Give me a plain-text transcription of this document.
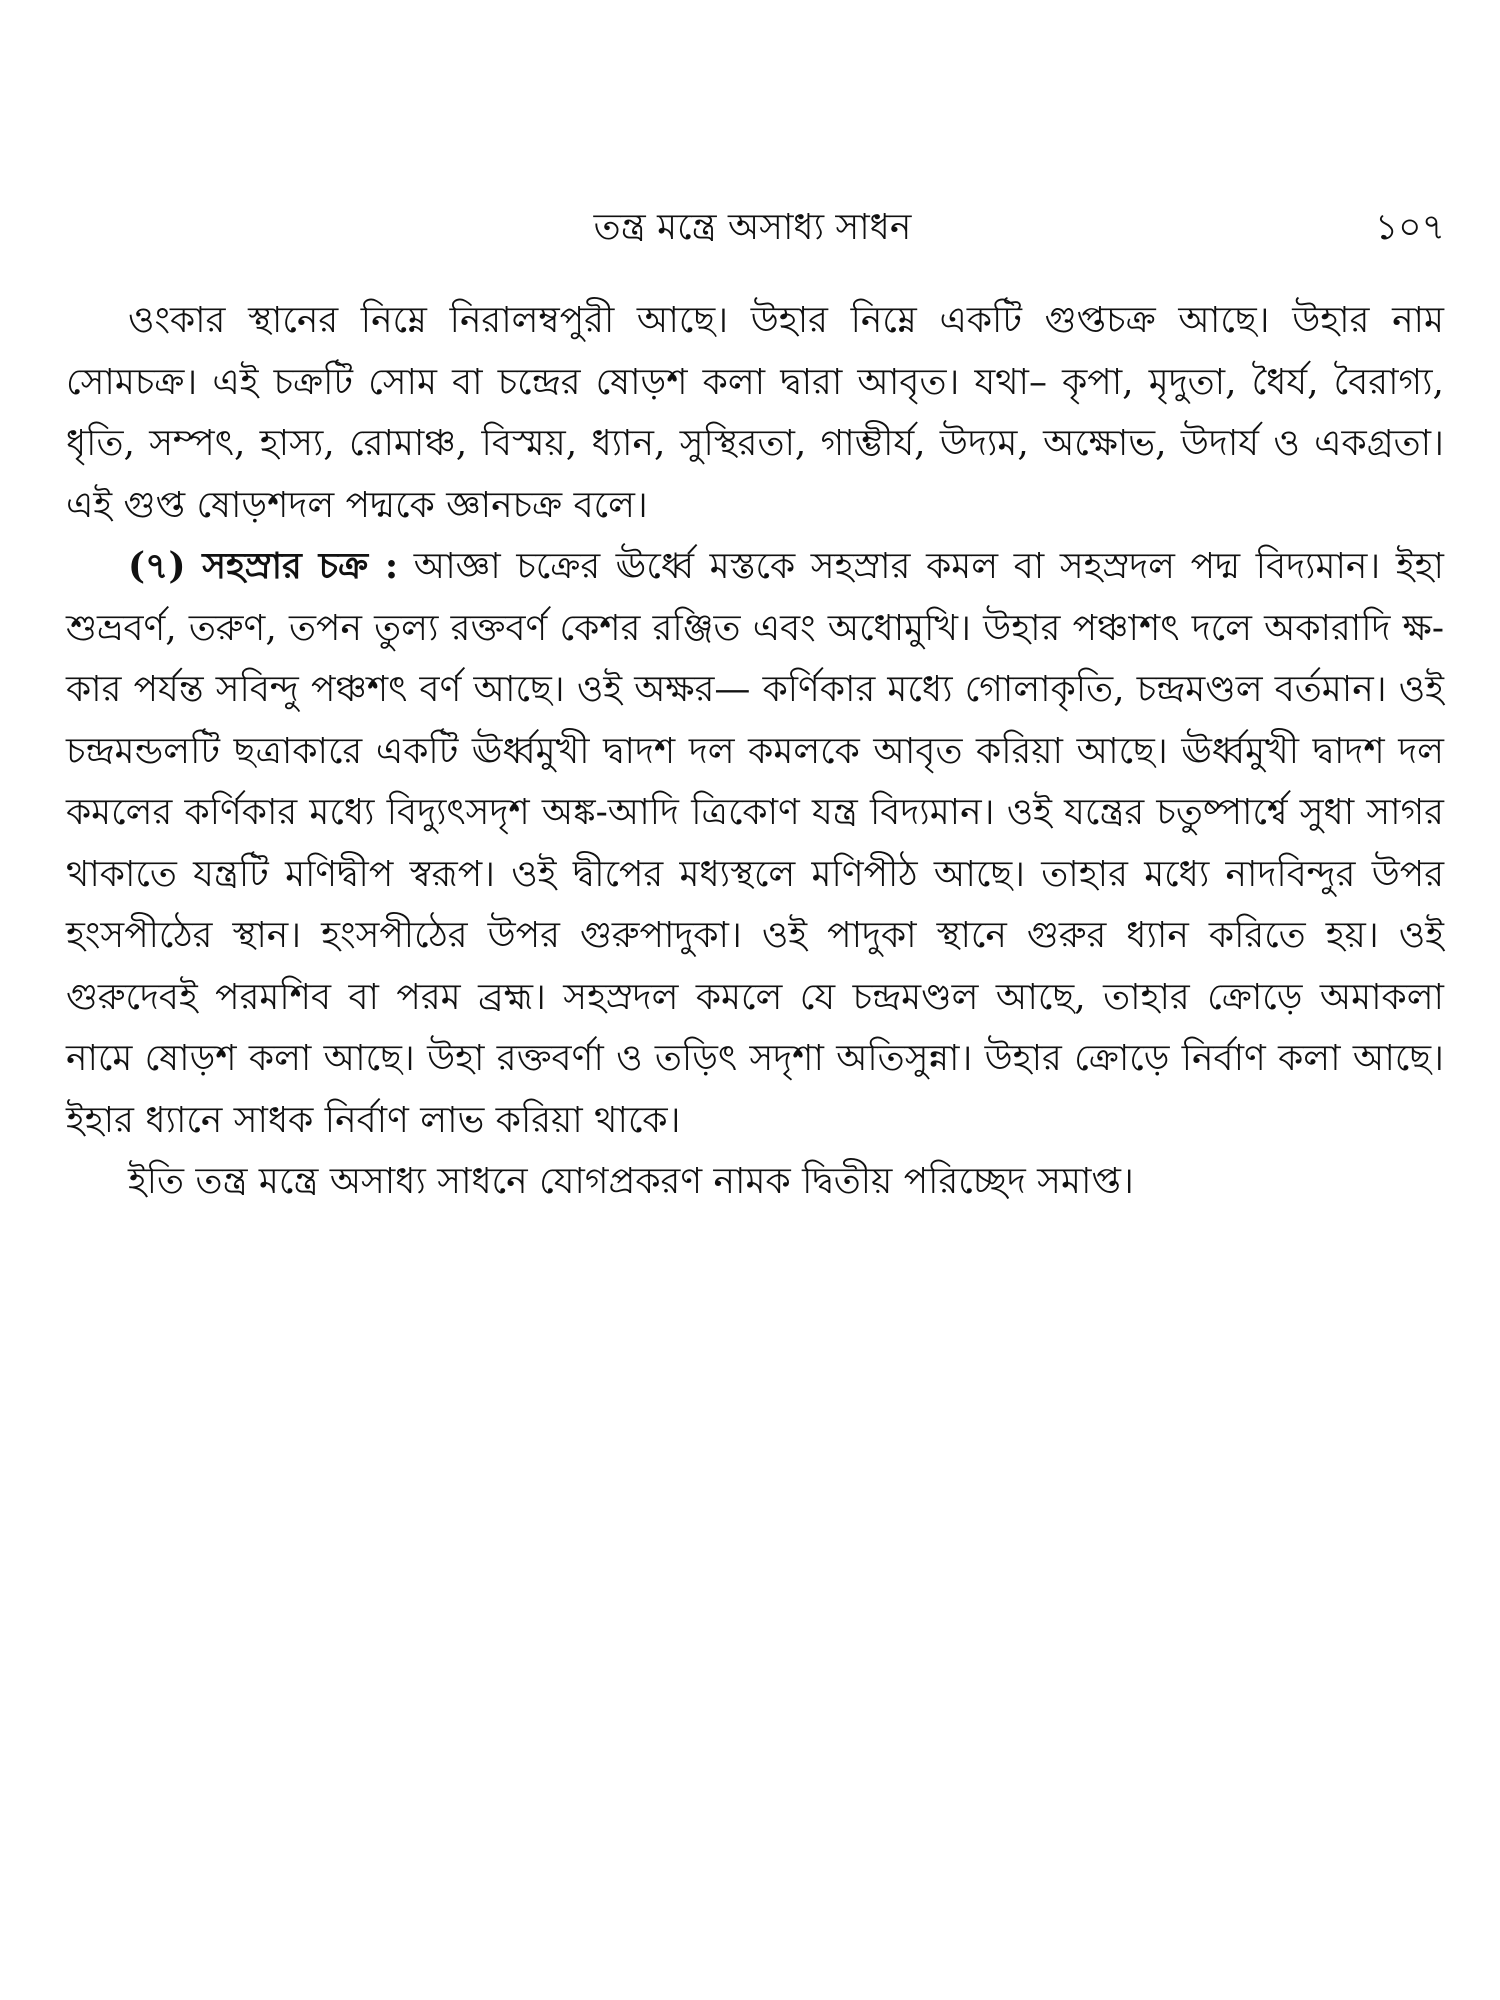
তন্ত্র মন্ত্রে অসাধ্য সাধন	১০৭

ওংকার স্থানের নিম্নে নিরালম্বপুরী আছে। উহার নিম্নে একটি গুপ্তচক্র আছে। উহার নাম সোমচক্র। এই চক্রটি সোম বা চন্দ্রের ষোড়শ কলা দ্বারা আবৃত। যথা– কৃপা, মৃদুতা, ধৈর্য, বৈরাগ্য, ধৃতি, সম্পৎ, হাস্য, রোমাঞ্চ, বিস্ময়, ধ্যান, সুস্থিরতা, গাম্ভীর্য, উদ্যম, অক্ষোভ, উদার্য ও একগ্রতা। এই গুপ্ত ষোড়শদল পদ্মকে জ্ঞানচক্র বলে।

(৭) সহস্রার চক্র : আজ্ঞা চক্রের ঊর্ধ্বে মস্তকে সহস্রার কমল বা সহস্রদল পদ্ম বিদ্যমান। ইহা শুভ্রবর্ণ, তরুণ, তপন তুল্য রক্তবর্ণ কেশর রঞ্জিত এবং অধোমুখি। উহার পঞ্চাশৎ দলে অকারাদি ক্ষ-কার পর্যন্ত সবিন্দু পঞ্চশৎ বর্ণ আছে। ওই অক্ষর— কর্ণিকার মধ্যে গোলাকৃতি, চন্দ্রমণ্ডল বর্তমান। ওই চন্দ্রমন্ডলটি ছত্রাকারে একটি ঊর্ধ্বমুখী দ্বাদশ দল কমলকে আবৃত করিয়া আছে। ঊর্ধ্বমুখী দ্বাদশ দল কমলের কর্ণিকার মধ্যে বিদ্যুৎসদৃশ অঙ্ক-আদি ত্রিকোণ যন্ত্র বিদ্যমান। ওই যন্ত্রের চতুষ্পার্শ্বে সুধা সাগর থাকাতে যন্ত্রটি মণিদ্বীপ স্বরূপ। ওই দ্বীপের মধ্যস্থলে মণিপীঠ আছে। তাহার মধ্যে নাদবিন্দুর উপর হংসপীঠের স্থান। হংসপীঠের উপর গুরুপাদুকা। ওই পাদুকা স্থানে গুরুর ধ্যান করিতে হয়। ওই গুরুদেবই পরমশিব বা পরম ব্রহ্ম। সহস্রদল কমলে যে চন্দ্রমণ্ডল আছে, তাহার ক্রোড়ে অমাকলা নামে ষোড়শ কলা আছে। উহা রক্তবর্ণা ও তড়িৎ সদৃশা অতিসুন্না। উহার ক্রোড়ে নির্বাণ কলা আছে। ইহার ধ্যানে সাধক নির্বাণ লাভ করিয়া থাকে।

ইতি তন্ত্র মন্ত্রে অসাধ্য সাধনে যোগপ্রকরণ নামক দ্বিতীয় পরিচ্ছেদ সমাপ্ত।
